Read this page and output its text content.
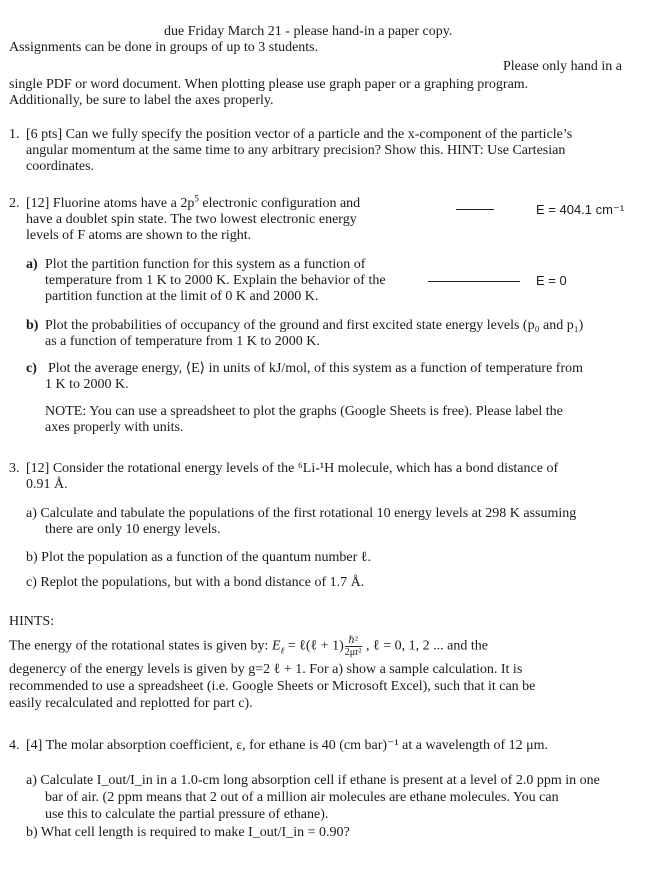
due Friday March 21 - please hand-in a paper copy.
Assignments can be done in groups of up to 3 students.
Please only hand in a
single PDF or word document. When plotting please use graph paper or a graphing program.
Additionally, be sure to label the axes properly.
1. [6 pts] Can we fully specify the position vector of a particle and the x-component of the particle’s
angular momentum at the same time to any arbitrary precision? Show this. HINT: Use Cartesian
coordinates.
2. [12] Fluorine atoms have a $2p^5$ electronic configuration and
have a doublet spin state. The two lowest electronic energy
levels of F atoms are shown to the right.
E = 404.1 cm⁻¹
E = 0
a) Plot the partition function for this system as a function of
temperature from 1 K to 2000 K. Explain the behavior of the
partition function at the limit of 0 K and 2000 K.
b) Plot the probabilities of occupancy of the ground and first excited state energy levels (p₀ and p₁)
as a function of temperature from 1 K to 2000 K.
c) Plot the average energy, ⟨E⟩ in units of kJ/mol, of this system as a function of temperature from
1 K to 2000 K.
NOTE: You can use a spreadsheet to plot the graphs (Google Sheets is free). Please label the
axes properly with units.
3. [12] Consider the rotational energy levels of the ⁶Li-¹H molecule, which has a bond distance of
0.91 Å.
a) Calculate and tabulate the populations of the first rotational 10 energy levels at 298 K assuming
there are only 10 energy levels.
b) Plot the population as a function of the quantum number ℓ.
c) Replot the populations, but with a bond distance of 1.7 Å.
HINTS:
The energy of the rotational states is given by: $E_\ell$ = ℓ(ℓ + 1) ℏ²
2μr² , ℓ = 0, 1, 2 ... and the
degenercy of the energy levels is given by g=2 ℓ + 1. For a) show a sample calculation. It is
recommended to use a spreadsheet (i.e. Google Sheets or Microsoft Excel), such that it can be
easily recalculated and replotted for part c).
4. [4] The molar absorption coefficient, ε, for ethane is 40 (cm bar)⁻¹ at a wavelength of 12 μm.
a) Calculate I_out/I_in in a 1.0-cm long absorption cell if ethane is present at a level of 2.0 ppm in one
bar of air. (2 ppm means that 2 out of a million air molecules are ethane molecules. You can
use this to calculate the partial pressure of ethane).
b) What cell length is required to make I_out/I_in = 0.90?
